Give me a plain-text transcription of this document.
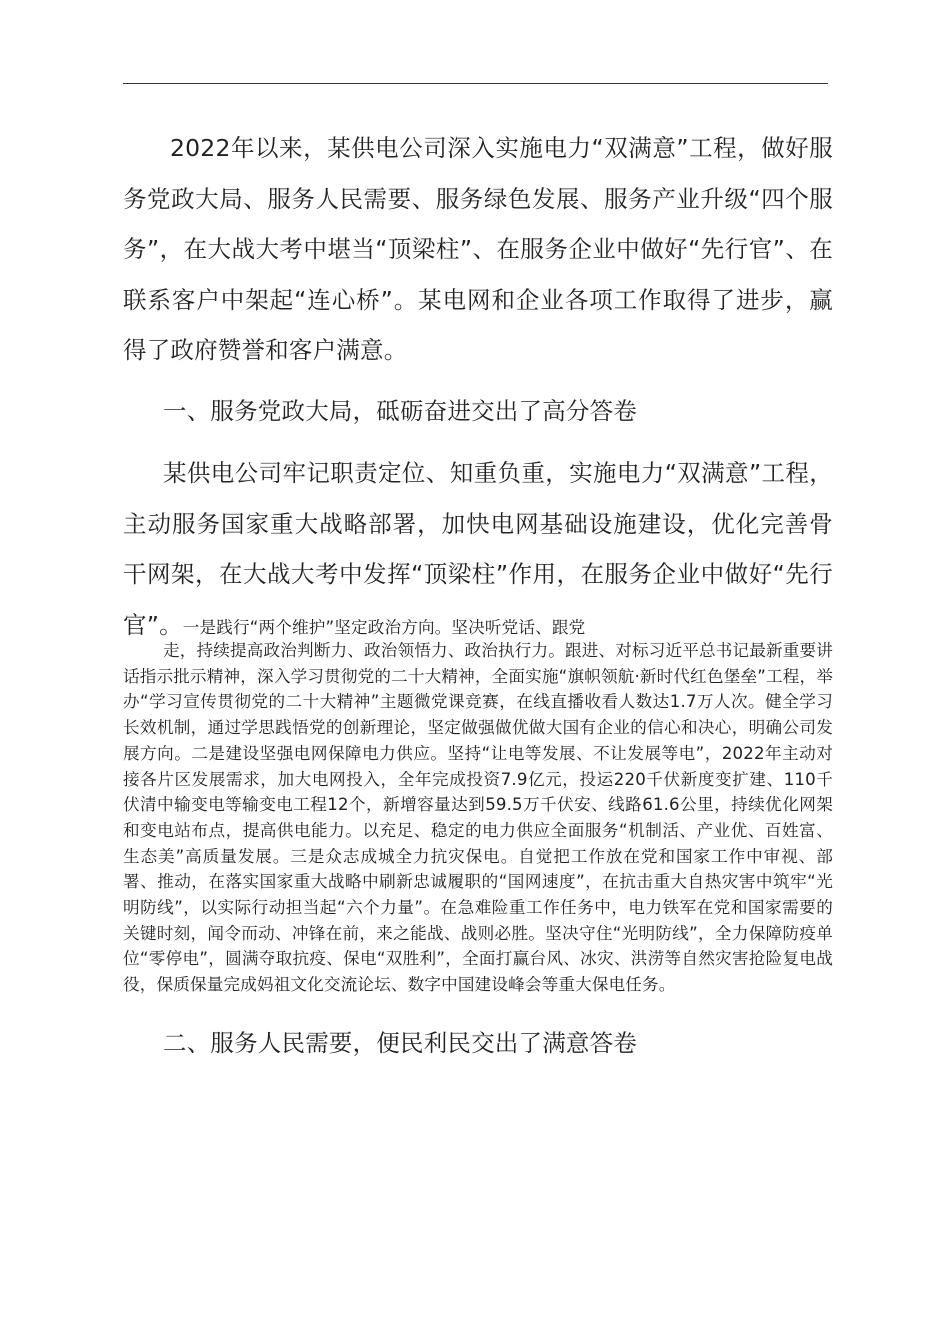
2022年以来，某供电公司深入实施电力“双满意”工程，做好服务党政大局、服务人民需要、服务绿色发展、服务产业升级“四个服务”，在大战大考中堪当“顶梁柱”、在服务企业中做好“先行官”、在联系客户中架起“连心桥”。某电网和企业各项工作取得了进步，赢得了政府赞誉和客户满意。

一、服务党政大局，砥砺奋进交出了高分答卷

某供电公司牢记职责定位、知重负重，实施电力“双满意”工程，主动服务国家重大战略部署，加快电网基础设施建设，优化完善骨干网架，在大战大考中发挥“顶梁柱”作用，在服务企业中做好“先行官”。一是践行“两个维护”坚定政治方向。坚决听党话、跟党
走，持续提高政治判断力、政治领悟力、政治执行力。跟进、对标习近平总书记最新重要讲话指示批示精神，深入学习贯彻党的二十大精神，全面实施“旗帜领航·新时代红色堡垒”工程，举办“学习宣传贯彻党的二十大精神”主题微党课竞赛，在线直播收看人数达1.7万人次。健全学习长效机制，通过学思践悟党的创新理论，坚定做强做优做大国有企业的信心和决心，明确公司发展方向。二是建设坚强电网保障电力供应。坚持“让电等发展、不让发展等电”，2022年主动对接各片区发展需求，加大电网投入，全年完成投资7.9亿元，投运220千伏新度变扩建、110千伏清中输变电等输变电工程12个，新增容量达到59.5万千伏安、线路61.6公里，持续优化网架和变电站布点，提高供电能力。以充足、稳定的电力供应全面服务“机制活、产业优、百姓富、生态美”高质量发展。三是众志成城全力抗灾保电。自觉把工作放在党和国家工作中审视、部署、推动，在落实国家重大战略中刷新忠诚履职的“国网速度”，在抗击重大自热灾害中筑牢“光明防线”，以实际行动担当起“六个力量”。在急难险重工作任务中，电力铁军在党和国家需要的关键时刻，闻令而动、冲锋在前，来之能战、战则必胜。坚决守住“光明防线”，全力保障防疫单位“零停电”，圆满夺取抗疫、保电“双胜利”，全面打赢台风、冰灾、洪涝等自然灾害抢险复电战役，保质保量完成妈祖文化交流论坛、数字中国建设峰会等重大保电任务。

二、服务人民需要，便民利民交出了满意答卷
